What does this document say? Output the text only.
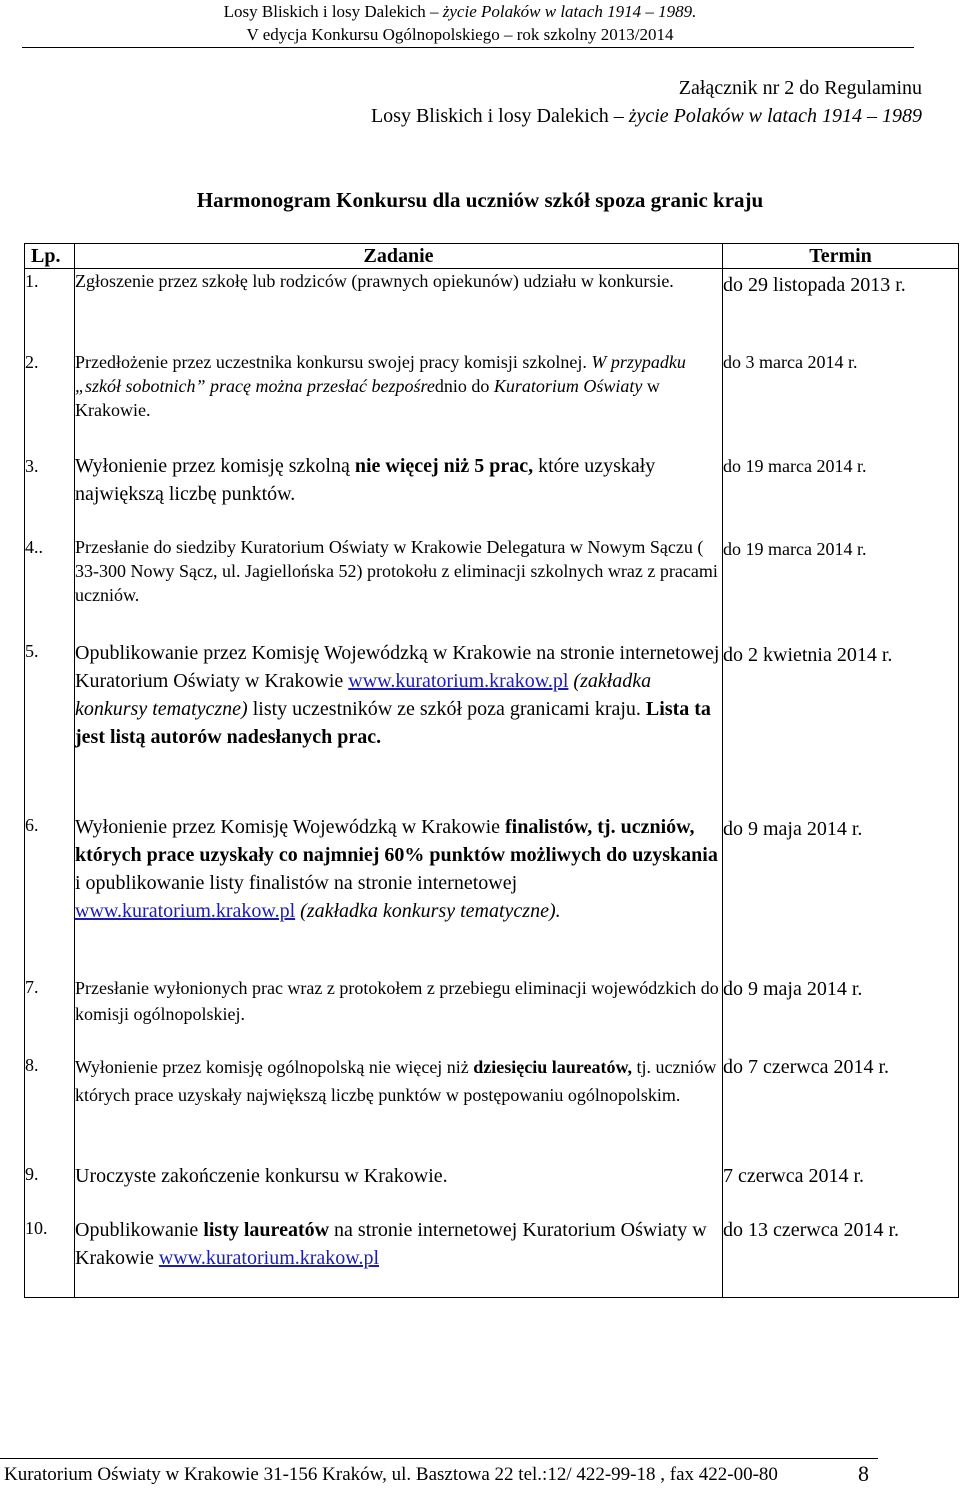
Losy Bliskich i losy Dalekich – życie Polaków w latach 1914 – 1989.
V edycja Konkursu Ogólnopolskiego – rok szkolny 2013/2014
Załącznik nr 2 do Regulaminu
Losy Bliskich i losy Dalekich – życie Polaków w latach 1914 – 1989
Harmonogram Konkursu dla uczniów szkół spoza granic kraju
Lp.	Zadanie	Termin
1.	Zgłoszenie przez szkołę lub rodziców (prawnych opiekunów) udziału w konkursie.	do 29 listopada 2013 r.
2.	Przedłożenie przez uczestnika konkursu swojej pracy komisji szkolnej. W przypadku „szkół sobotnich” pracę można przesłać bezpośrednio do Kuratorium Oświaty w Krakowie.	do 3 marca 2014 r.
3.	Wyłonienie przez komisję szkolną nie więcej niż 5 prac, które uzyskały największą liczbę punktów.	do 19 marca 2014 r.
4..	Przesłanie do siedziby Kuratorium Oświaty w Krakowie Delegatura w Nowym Sączu ( 33-300 Nowy Sącz, ul. Jagiellońska 52) protokołu z eliminacji szkolnych wraz z pracami uczniów.	do 19 marca 2014 r.
5.	Opublikowanie przez Komisję Wojewódzką w Krakowie na stronie internetowej Kuratorium Oświaty w Krakowie www.kuratorium.krakow.pl (zakładka konkursy tematyczne) listy uczestników ze szkół poza granicami kraju. Lista ta jest listą autorów nadesłanych prac.	do 2 kwietnia 2014 r.
6.	Wyłonienie przez Komisję Wojewódzką w Krakowie finalistów, tj. uczniów, których prace uzyskały co najmniej 60% punktów możliwych do uzyskania i opublikowanie listy finalistów na stronie internetowej www.kuratorium.krakow.pl (zakładka konkursy tematyczne).	do 9 maja 2014 r.
7.	Przesłanie wyłonionych prac wraz z protokołem z przebiegu eliminacji wojewódzkich do komisji ogólnopolskiej.	do 9 maja 2014 r.
8.	Wyłonienie przez komisję ogólnopolską nie więcej niż dziesięciu laureatów, tj. uczniów których prace uzyskały największą liczbę punktów w postępowaniu ogólnopolskim.	do 7 czerwca 2014 r.
9.	Uroczyste zakończenie konkursu w Krakowie.	7 czerwca 2014 r.
10.	Opublikowanie listy laureatów na stronie internetowej Kuratorium Oświaty w Krakowie www.kuratorium.krakow.pl	do 13 czerwca 2014 r.
Kuratorium Oświaty w Krakowie 31-156 Kraków, ul. Basztowa 22 tel.:12/ 422-99-18 , fax 422-00-80	8
